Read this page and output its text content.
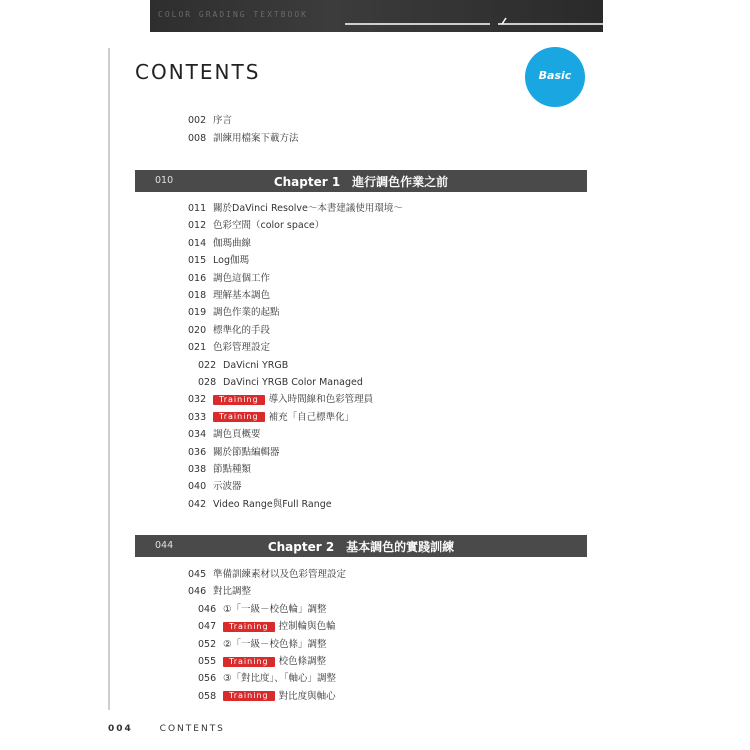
COLOR GRADING TEXTBOOK
CONTENTS	Basic
002 序言
008 訓練用檔案下載方法
010	Chapter 1　進行調色作業之前
011 關於DaVinci Resolve～本書建議使用環境～
012 色彩空間（color space）
014 伽瑪曲線
015 Log伽瑪
016 調色這個工作
018 理解基本調色
019 調色作業的起點
020 標準化的手段
021 色彩管理設定
022 DaVicni YRGB
028 DaVinci YRGB Color Managed
032 Training 導入時間線和色彩管理員
033 Training 補充「自己標準化」
034 調色頁概要
036 關於節點編輯器
038 節點種類
040 示波器
042 Video Range與Full Range
044	Chapter 2　基本調色的實踐訓練
045 準備訓練素材以及色彩管理設定
046 對比調整
046 ①「一級－校色輪」調整
047 Training 控制輪與色輪
052 ②「一級－校色條」調整
055 Training 校色條調整
056 ③「對比度」、「軸心」調整
058 Training 對比度與軸心
004	CONTENTS
